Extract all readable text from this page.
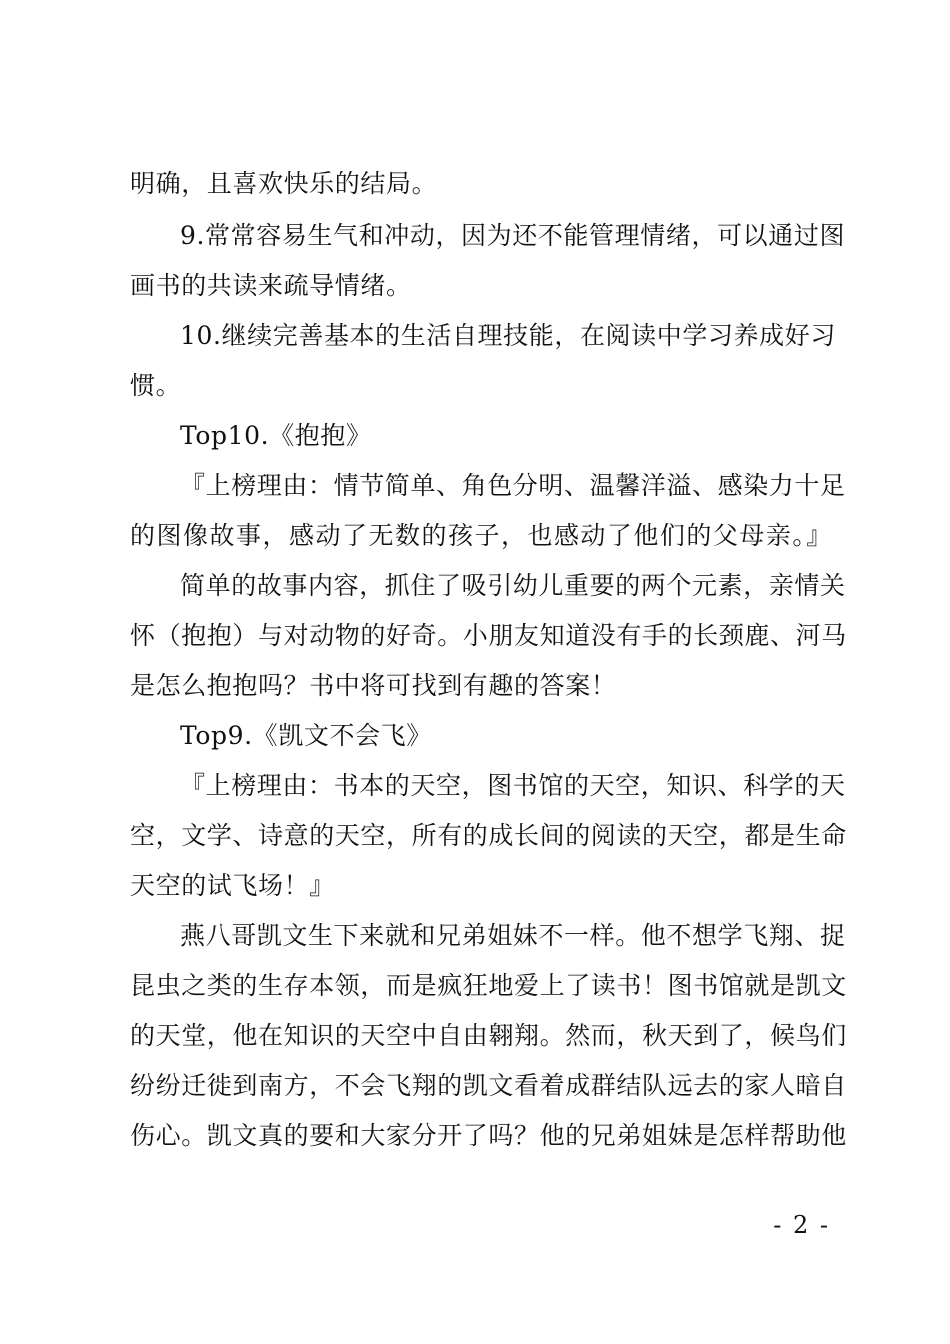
明确，且喜欢快乐的结局。
9.常常容易生气和冲动，因为还不能管理情绪，可以通过图
画书的共读来疏导情绪。
10.继续完善基本的生活自理技能，在阅读中学习养成好习
惯。
Top10.《抱抱》
『上榜理由：情节简单、角色分明、温馨洋溢、感染力十足
的图像故事，感动了无数的孩子，也感动了他们的父母亲。』
简单的故事内容，抓住了吸引幼儿重要的两个元素，亲情关
怀（抱抱）与对动物的好奇。小朋友知道没有手的长颈鹿、河马
是怎么抱抱吗？书中将可找到有趣的答案！
Top9.《凯文不会飞》
『上榜理由：书本的天空，图书馆的天空，知识、科学的天
空，文学、诗意的天空，所有的成长间的阅读的天空，都是生命
天空的试飞场！』
燕八哥凯文生下来就和兄弟姐妹不一样。他不想学飞翔、捉
昆虫之类的生存本领，而是疯狂地爱上了读书！图书馆就是凯文
的天堂，他在知识的天空中自由翱翔。然而，秋天到了，候鸟们
纷纷迁徙到南方，不会飞翔的凯文看着成群结队远去的家人暗自
伤心。凯文真的要和大家分开了吗？他的兄弟姐妹是怎样帮助他
- 2 -
